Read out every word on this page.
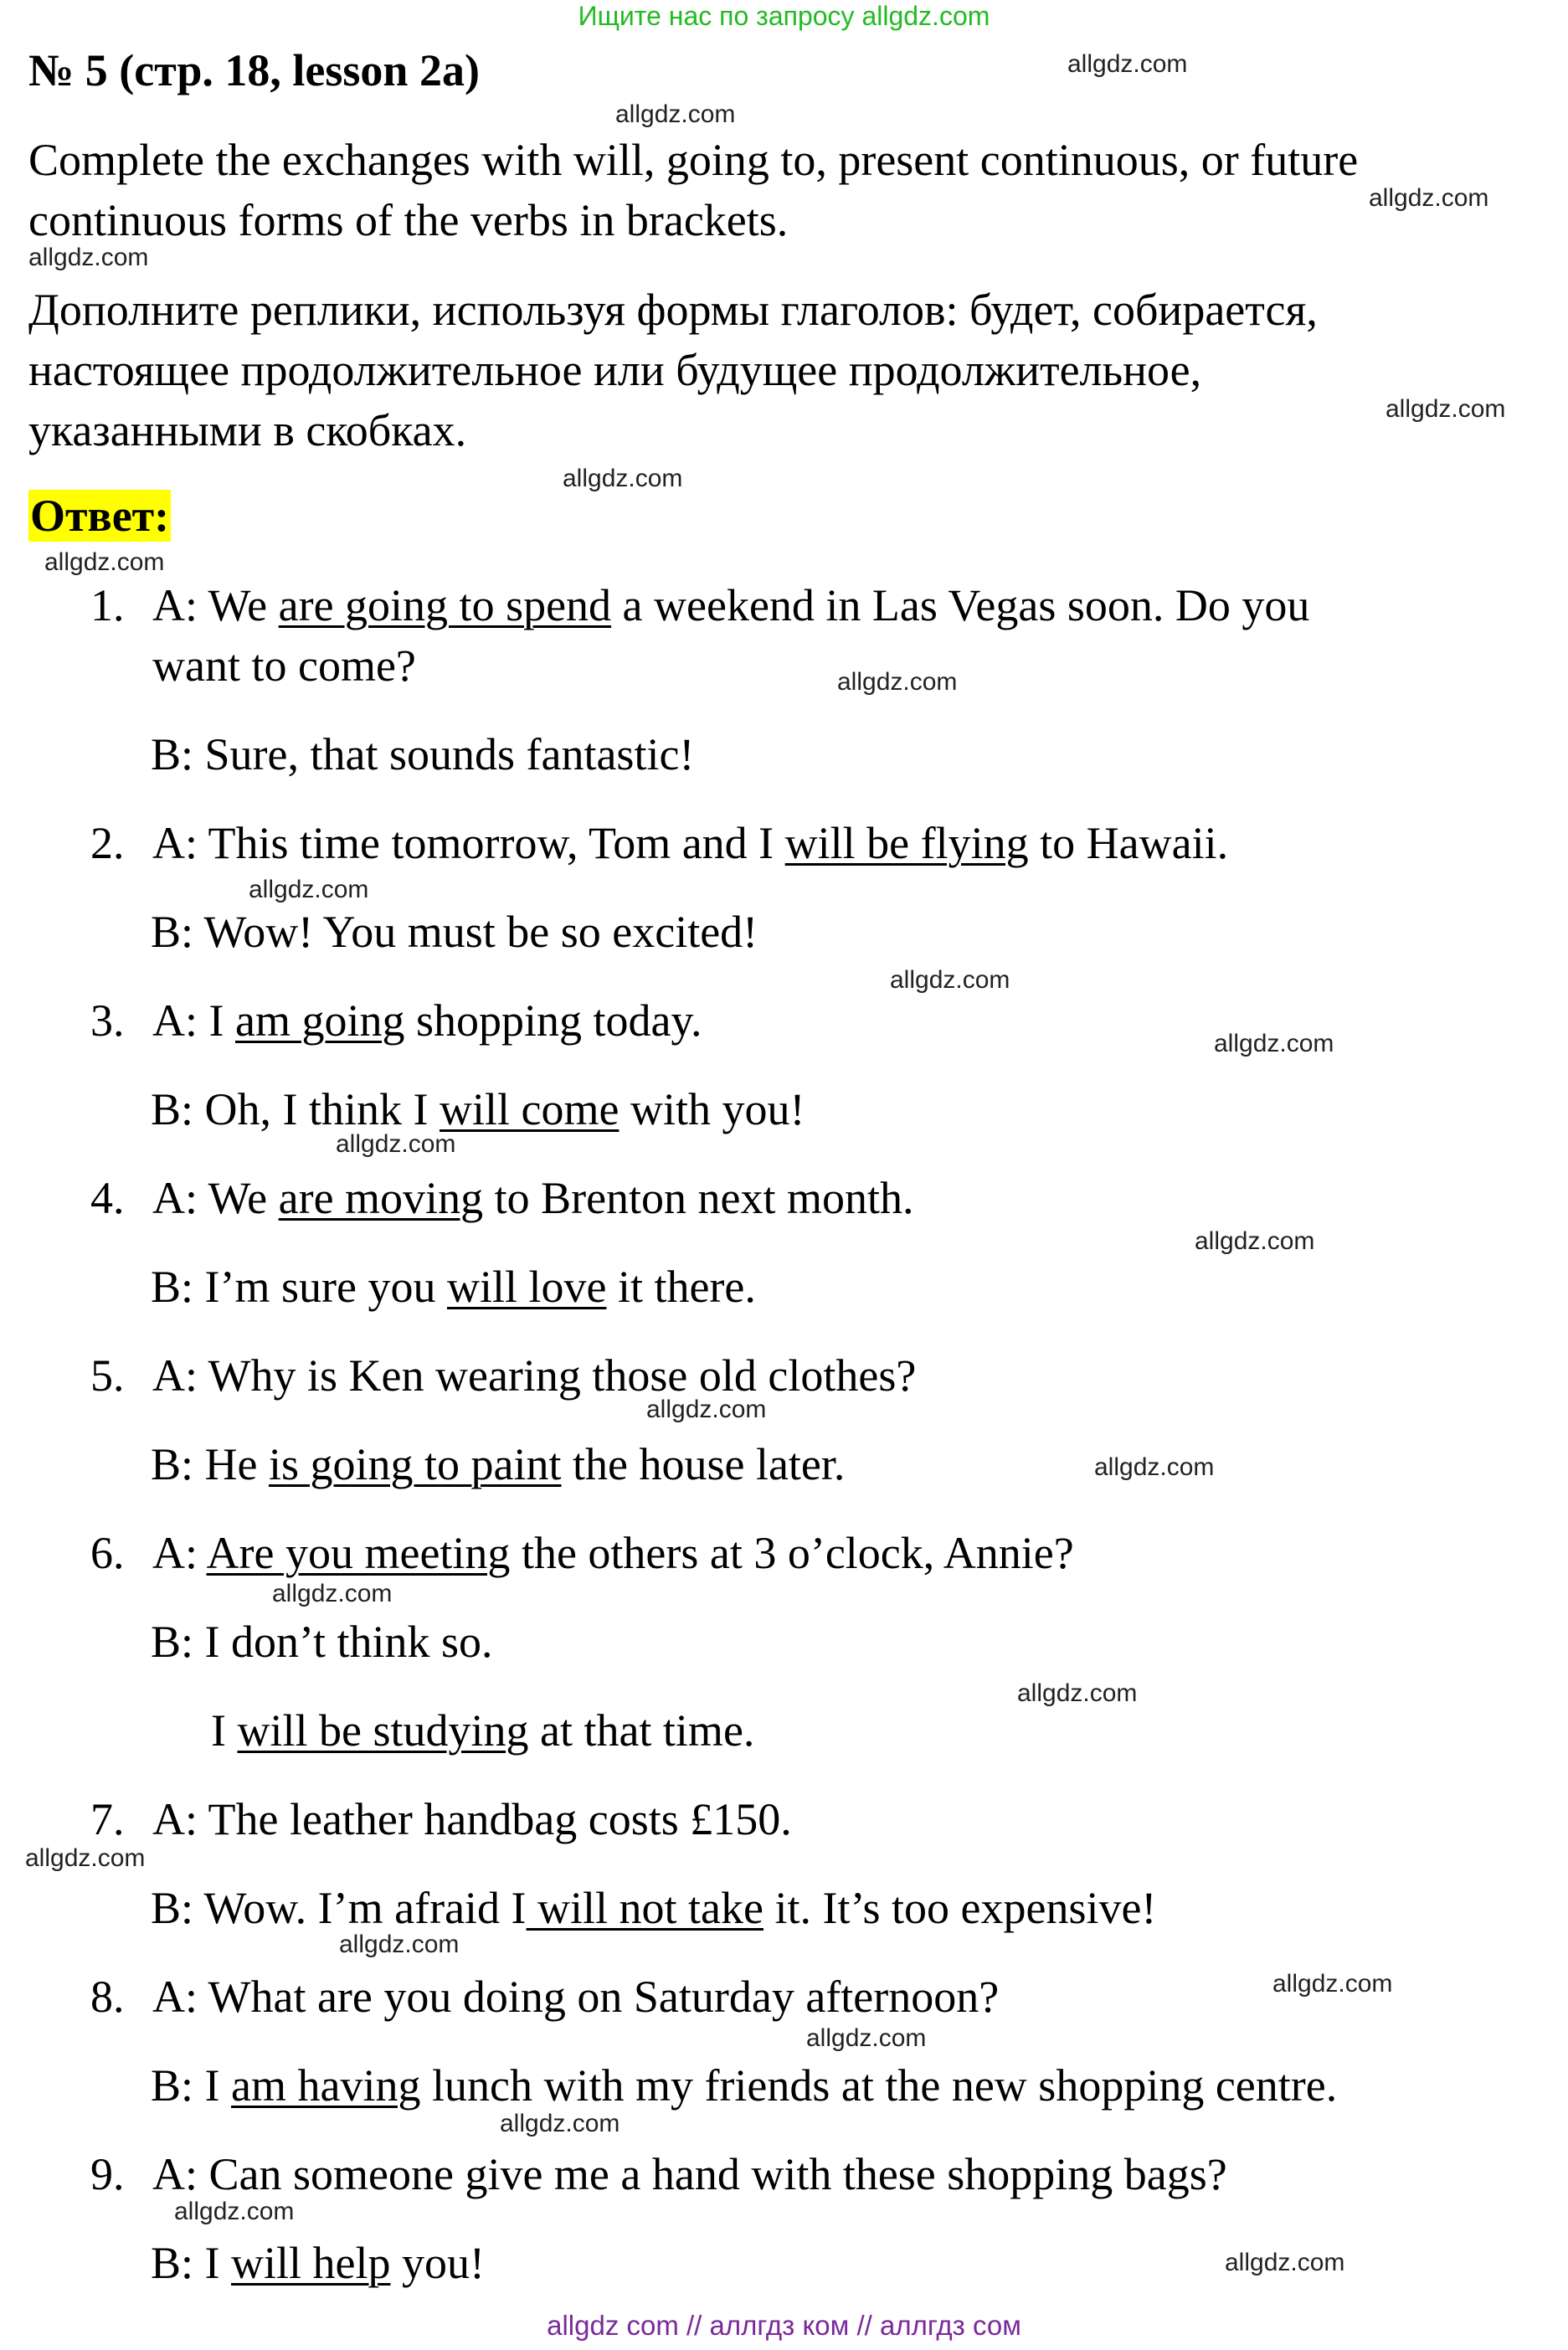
Ищите нас по запросу allgdz.com
№ 5 (стр. 18, lesson 2a)
Complete the exchanges with will, going to, present continuous, or future
continuous forms of the verbs in brackets.
Дополните реплики, используя формы глаголов: будет, собирается,
настоящее продолжительное или будущее продолжительное,
указанными в скобках.
Ответ:
1. A: We are going to spend a weekend in Las Vegas soon. Do you
want to come?
B: Sure, that sounds fantastic!
2. A: This time tomorrow, Tom and I will be flying to Hawaii.
B: Wow! You must be so excited!
3. A: I am going shopping today.
B: Oh, I think I will come with you!
4. A: We are moving to Brenton next month.
B: I’m sure you will love it there.
5. A: Why is Ken wearing those old clothes?
B: He is going to paint the house later.
6. A: Are you meeting the others at 3 o’clock, Annie?
B: I don’t think so.
I will be studying at that time.
7. A: The leather handbag costs £150.
B: Wow. I’m afraid I will not take it. It’s too expensive!
8. A: What are you doing on Saturday afternoon?
B: I am having lunch with my friends at the new shopping centre.
9. A: Can someone give me a hand with these shopping bags?
B: I will help you!
allgdz.com
allgdz.com
allgdz.com
allgdz.com
allgdz.com
allgdz.com
allgdz.com
allgdz.com
allgdz.com
allgdz.com
allgdz.com
allgdz.com
allgdz.com
allgdz.com
allgdz.com
allgdz.com
allgdz.com
allgdz.com
allgdz.com
allgdz.com
allgdz.com
allgdz.com
allgdz.com
allgdz.com
allgdz com // аллгдз ком // аллгдз сом
